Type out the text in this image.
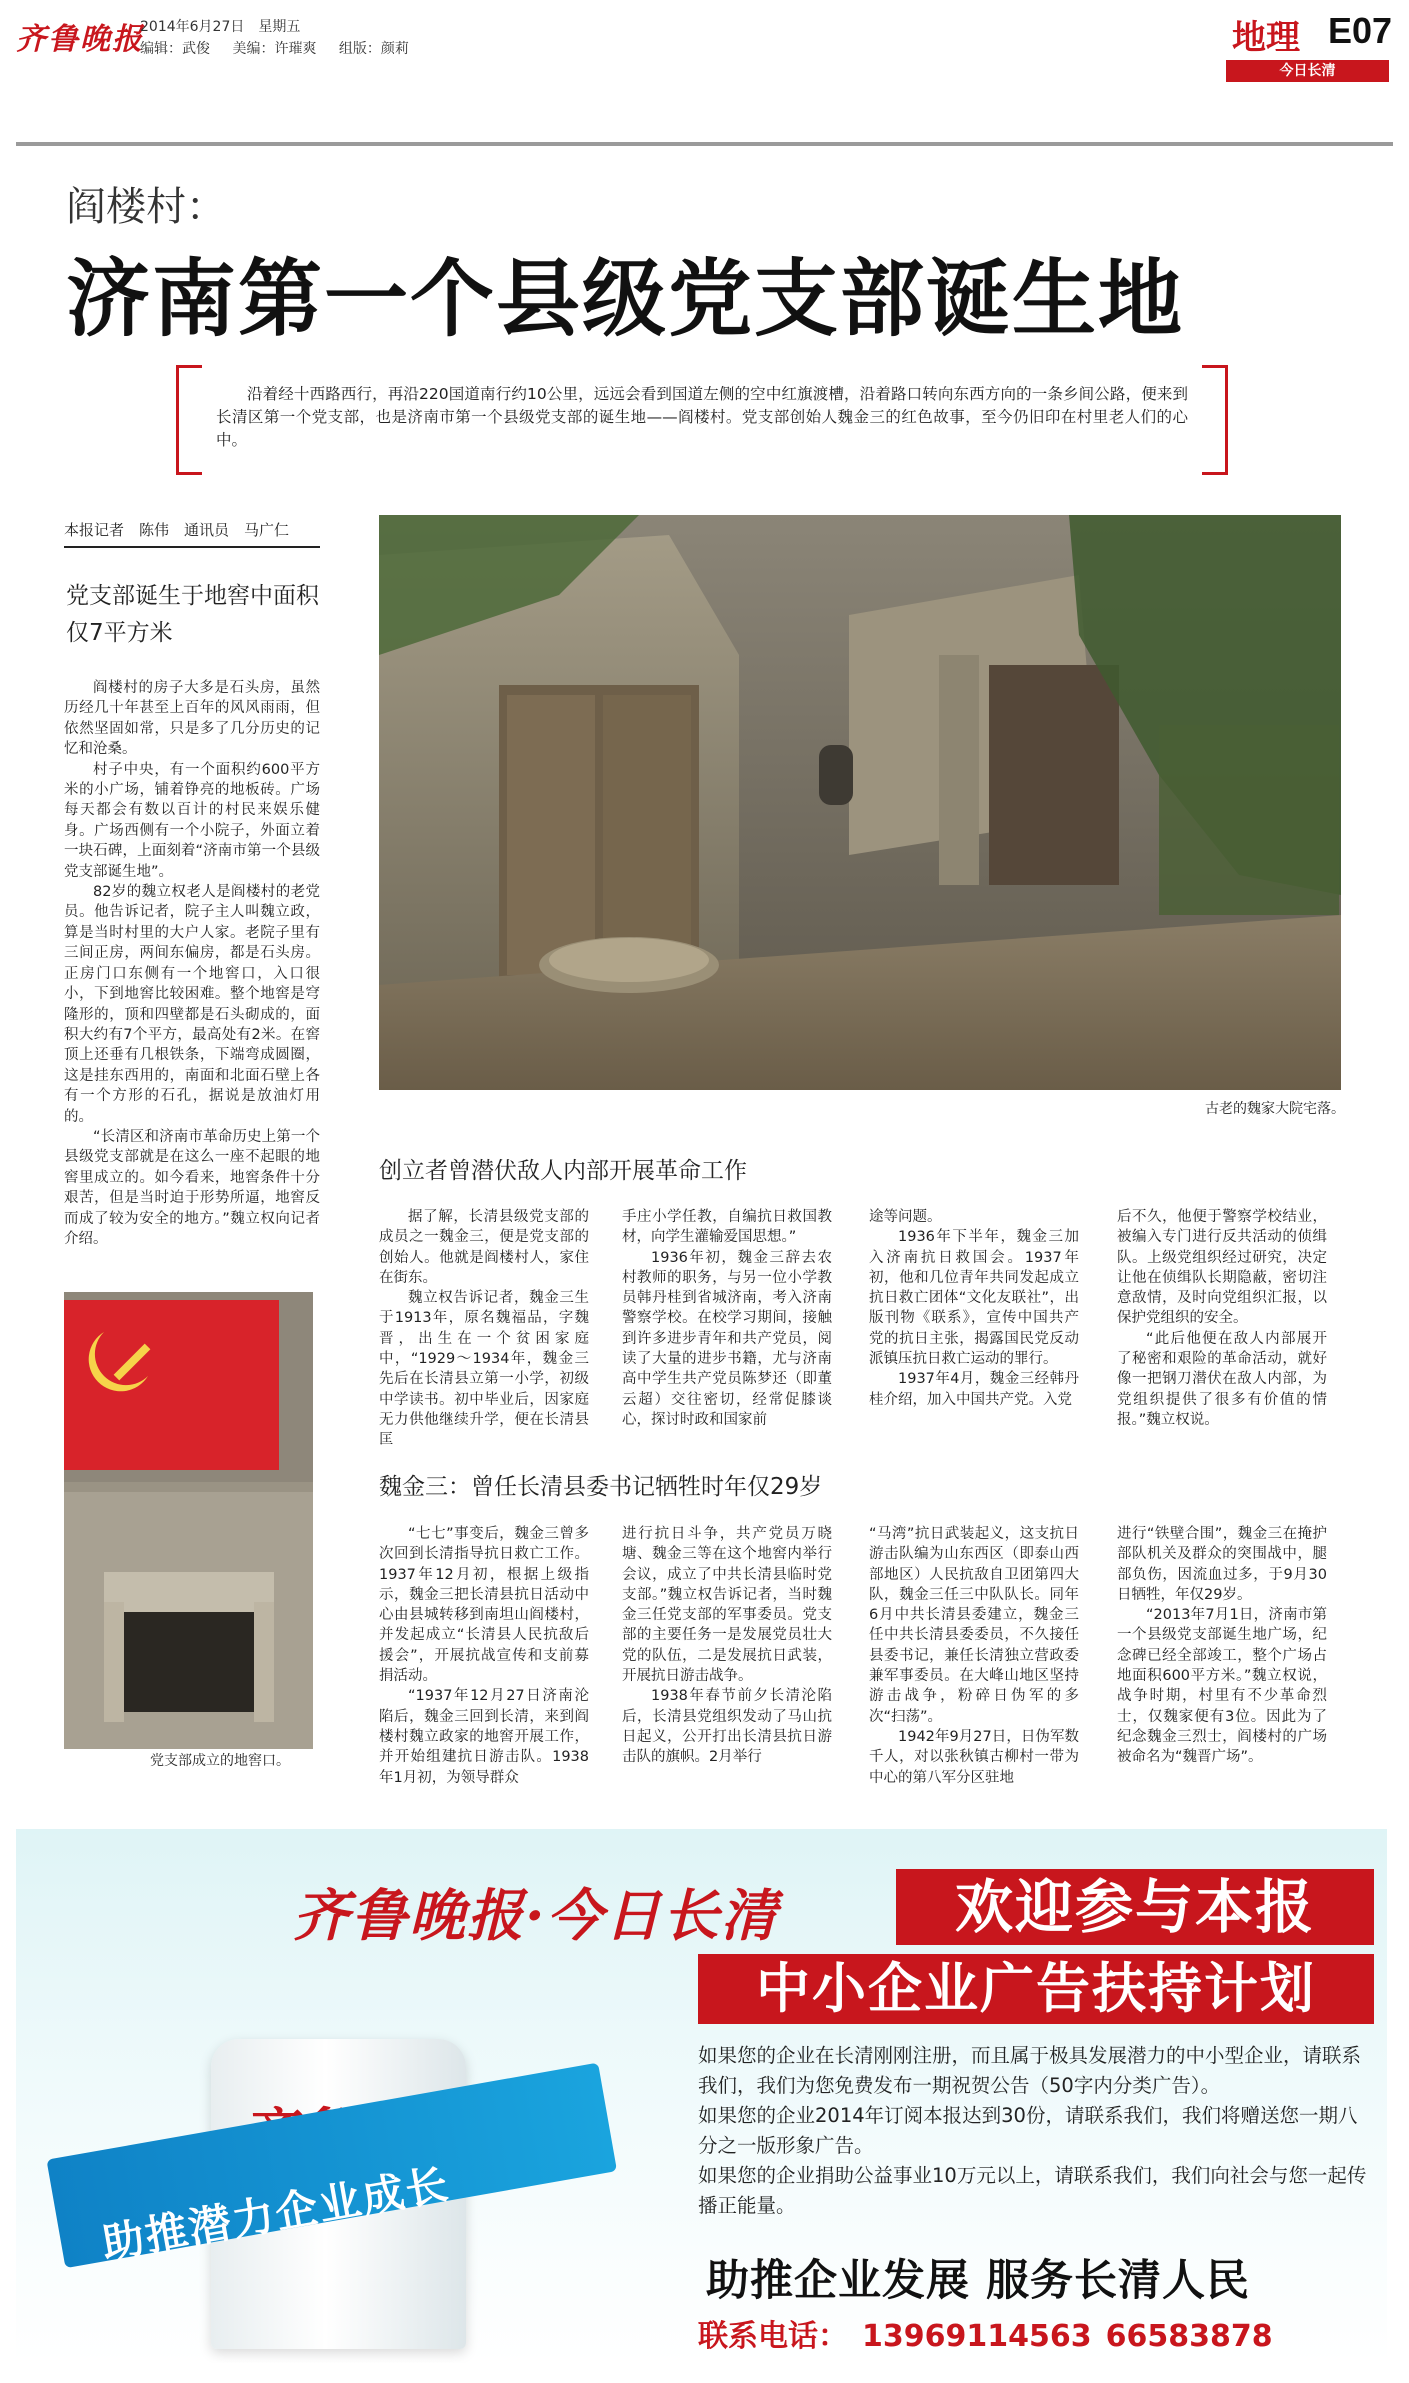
齐鲁晚报
2014年6月27日　星期五
编辑：武俊 美编：许璀爽 组版：颜莉	地理 E07
今日长清
阎楼村：
济南第一个县级党支部诞生地

沿着经十西路西行，再沿220国道南行约10公里，远远会看到国道左侧的空中红旗渡槽，沿着路口转向东西方向的一条乡间公路，便来到长清区第一个党支部，也是济南市第一个县级党支部的诞生地——阎楼村。党支部创始人魏金三的红色故事，至今仍旧印在村里老人们的心中。

本报记者　陈伟　通讯员　马广仁
党支部诞生于地窖中面积仅7平方米

阎楼村的房子大多是石头房，虽然历经几十年甚至上百年的风风雨雨，但依然坚固如常，只是多了几分历史的记忆和沧桑。

村子中央，有一个面积约600平方米的小广场，铺着铮亮的地板砖。广场每天都会有数以百计的村民来娱乐健身。广场西侧有一个小院子，外面立着一块石碑，上面刻着“济南市第一个县级党支部诞生地”。

82岁的魏立权老人是阎楼村的老党员。他告诉记者，院子主人叫魏立政，算是当时村里的大户人家。老院子里有三间正房，两间东偏房，都是石头房。正房门口东侧有一个地窖口，入口很小，下到地窖比较困难。整个地窖是穹隆形的，顶和四壁都是石头砌成的，面积大约有7个平方，最高处有2米。在窖顶上还垂有几根铁条，下端弯成圆圈，这是挂东西用的，南面和北面石壁上各有一个方形的石孔，据说是放油灯用的。

“长清区和济南市革命历史上第一个县级党支部就是在这么一座不起眼的地窖里成立的。如今看来，地窖条件十分艰苦，但是当时迫于形势所逼，地窖反而成了较为安全的地方。”魏立权向记者介绍。

古老的魏家大院宅落。
党支部成立的地窖口。
创立者曾潜伏敌人内部开展革命工作

据了解，长清县级党支部的成员之一魏金三，便是党支部的创始人。他就是阎楼村人，家住在街东。

魏立权告诉记者，魏金三生于1913年，原名魏福品，字魏晋，出生在一个贫困家庭中，“1929～1934年，魏金三先后在长清县立第一小学，初级中学读书。初中毕业后，因家庭无力供他继续升学，便在长清县匡

手庄小学任教，自编抗日救国教材，向学生灌输爱国思想。”

1936年初，魏金三辞去农村教师的职务，与另一位小学教员韩丹桂到省城济南，考入济南警察学校。在校学习期间，接触到许多进步青年和共产党员，阅读了大量的进步书籍，尤与济南高中学生共产党员陈梦还（即董云超）交往密切，经常促膝谈心，探讨时政和国家前

途等问题。

1936年下半年，魏金三加入济南抗日救国会。1937年初，他和几位青年共同发起成立抗日救亡团体“文化友联社”，出版刊物《联系》，宣传中国共产党的抗日主张，揭露国民党反动派镇压抗日救亡运动的罪行。

1937年4月，魏金三经韩丹桂介绍，加入中国共产党。入党

后不久，他便于警察学校结业，被编入专门进行反共活动的侦缉队。上级党组织经过研究，决定让他在侦缉队长期隐蔽，密切注意敌情，及时向党组织汇报，以保护党组织的安全。

“此后他便在敌人内部展开了秘密和艰险的革命活动，就好像一把钢刀潜伏在敌人内部，为党组织提供了很多有价值的情报。”魏立权说。

魏金三：曾任长清县委书记牺牲时年仅29岁

“七七”事变后，魏金三曾多次回到长清指导抗日救亡工作。1937年12月初，根据上级指示，魏金三把长清县抗日活动中心由县城转移到南坦山阎楼村，并发起成立“长清县人民抗敌后援会”，开展抗战宣传和支前募捐活动。

“1937年12月27日济南沦陷后，魏金三回到长清，来到阎楼村魏立政家的地窖开展工作，并开始组建抗日游击队。1938年1月初，为领导群众

进行抗日斗争，共产党员万晓塘、魏金三等在这个地窖内举行会议，成立了中共长清县临时党支部。”魏立权告诉记者，当时魏金三任党支部的军事委员。党支部的主要任务一是发展党员壮大党的队伍，二是发展抗日武装，开展抗日游击战争。

1938年春节前夕长清沦陷后，长清县党组织发动了马山抗日起义，公开打出长清县抗日游击队的旗帜。2月举行

“马湾”抗日武装起义，这支抗日游击队编为山东西区（即泰山西部地区）人民抗敌自卫团第四大队，魏金三任三中队队长。同年6月中共长清县委建立，魏金三任中共长清县委委员，不久接任县委书记，兼任长清独立营政委兼军事委员。在大峰山地区坚持游击战争，粉碎日伪军的多次“扫荡”。

1942年9月27日，日伪军数千人，对以张秋镇古柳村一带为中心的第八军分区驻地

进行“铁壁合围”，魏金三在掩护部队机关及群众的突围战中，腿部负伤，因流血过多，于9月30日牺牲，年仅29岁。

“2013年7月1日，济南市第一个县级党支部诞生地广场，纪念碑已经全部竣工，整个广场占地面积600平方米。”魏立权说，战争时期，村里有不少革命烈士，仅魏家便有3位。因此为了纪念魏金三烈士，阎楼村的广场被命名为“魏晋广场”。

齐鲁晚报·今日长清	欢迎参与本报
中小企业广告扶持计划

如果您的企业在长清刚刚注册，而且属于极具发展潜力的中小型企业，请联系我们，我们为您免费发布一期祝贺公告（50字内分类广告）。

如果您的企业2014年订阅本报达到30份，请联系我们，我们将赠送您一期八分之一版形象广告。

如果您的企业捐助公益事业10万元以上，请联系我们，我们向社会与您一起传播正能量。

助推企业发展 服务长清人民
联系电话： 13969114563 66583878
助推潜力企业成长
